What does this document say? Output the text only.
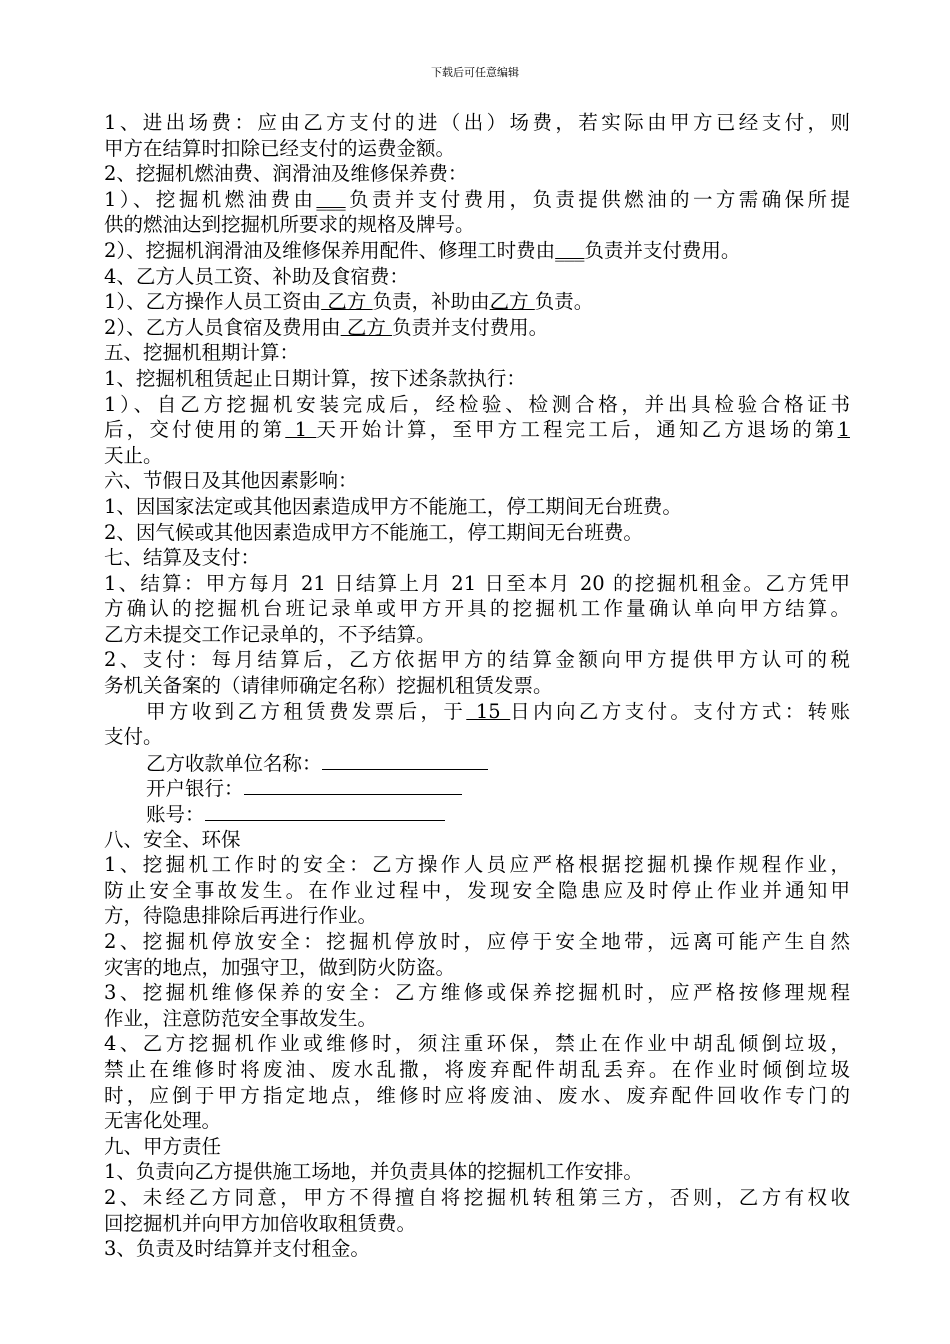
下载后可任意编辑
1、进出场费：应由乙方支付的进（出）场费，若实际由甲方已经支付，则
甲方在结算时扣除已经支付的运费金额。
2、挖掘机燃油费、润滑油及维修保养费：
1）、挖掘机燃油费由___负责并支付费用，负责提供燃油的一方需确保所提
供的燃油达到挖掘机所要求的规格及牌号。
2）、挖掘机润滑油及维修保养用配件、修理工时费由___负责并支付费用。
4、乙方人员工资、补助及食宿费：
1）、乙方操作人员工资由 乙方 负责，补助由乙方 负责。
2）、乙方人员食宿及费用由 乙方 负责并支付费用。
五、挖掘机租期计算：
1、挖掘机租赁起止日期计算，按下述条款执行：
1）、自乙方挖掘机安装完成后，经检验、检测合格，并出具检验合格证书
后，交付使用的第 1 天开始计算，至甲方工程完工后，通知乙方退场的第1
天止。
六、节假日及其他因素影响：
1、因国家法定或其他因素造成甲方不能施工，停工期间无台班费。
2、因气候或其他因素造成甲方不能施工，停工期间无台班费。
七、结算及支付：
1、结算：甲方每月 21 日结算上月 21 日至本月 20 的挖掘机租金。乙方凭甲
方确认的挖掘机台班记录单或甲方开具的挖掘机工作量确认单向甲方结算。
乙方未提交工作记录单的，不予结算。
2、支付：每月结算后，乙方依据甲方的结算金额向甲方提供甲方认可的税
务机关备案的（请律师确定名称）挖掘机租赁发票。
甲方收到乙方租赁费发票后，于 15 日内向乙方支付。支付方式：转账
支付。
乙方收款单位名称：
开户银行：
账号：
八、安全、环保
1、挖掘机工作时的安全：乙方操作人员应严格根据挖掘机操作规程作业，
防止安全事故发生。在作业过程中，发现安全隐患应及时停止作业并通知甲
方，待隐患排除后再进行作业。
2、挖掘机停放安全：挖掘机停放时，应停于安全地带，远离可能产生自然
灾害的地点，加强守卫，做到防火防盗。
3、挖掘机维修保养的安全：乙方维修或保养挖掘机时，应严格按修理规程
作业，注意防范安全事故发生。
4、乙方挖掘机作业或维修时，须注重环保，禁止在作业中胡乱倾倒垃圾，
禁止在维修时将废油、废水乱撒，将废弃配件胡乱丢弃。在作业时倾倒垃圾
时，应倒于甲方指定地点，维修时应将废油、废水、废弃配件回收作专门的
无害化处理。
九、甲方责任
1、负责向乙方提供施工场地，并负责具体的挖掘机工作安排。
2、未经乙方同意，甲方不得擅自将挖掘机转租第三方，否则，乙方有权收
回挖掘机并向甲方加倍收取租赁费。
3、负责及时结算并支付租金。
